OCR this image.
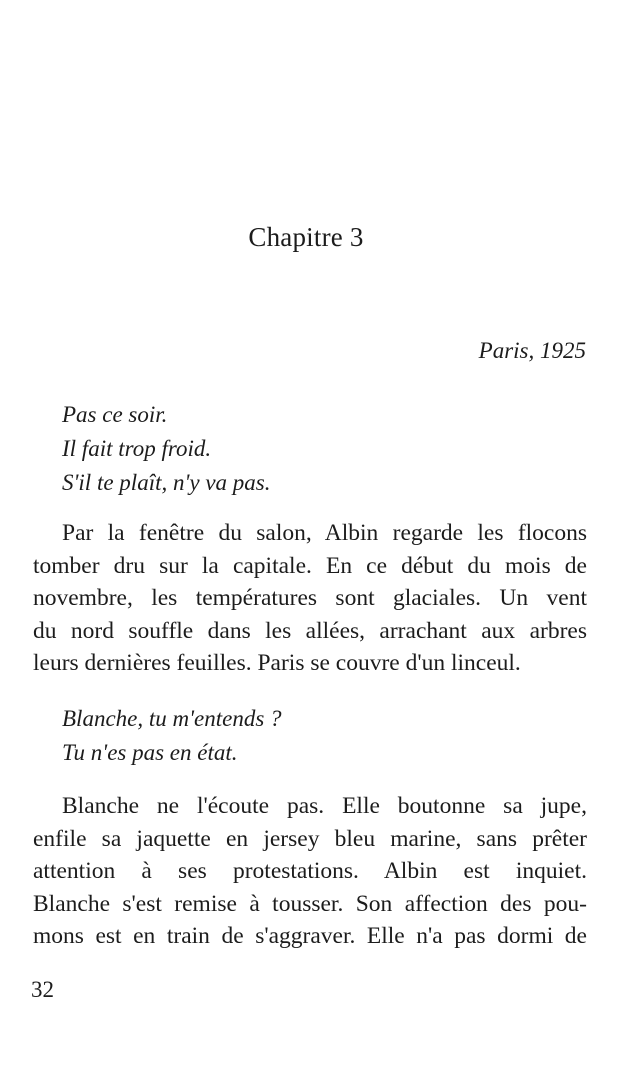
Chapitre 3
Paris, 1925
Pas ce soir.
Il fait trop froid.
S'il te plaît, n'y va pas.
Par la fenêtre du salon, Albin regarde les flocons
tomber dru sur la capitale. En ce début du mois de
novembre, les températures sont glaciales. Un vent
du nord souffle dans les allées, arrachant aux arbres
leurs dernières feuilles. Paris se couvre d'un linceul.
Blanche, tu m'entends ?
Tu n'es pas en état.
Blanche ne l'écoute pas. Elle boutonne sa jupe,
enfile sa jaquette en jersey bleu marine, sans prêter
attention à ses protestations. Albin est inquiet.
Blanche s'est remise à tousser. Son affection des pou-
mons est en train de s'aggraver. Elle n'a pas dormi de
32
